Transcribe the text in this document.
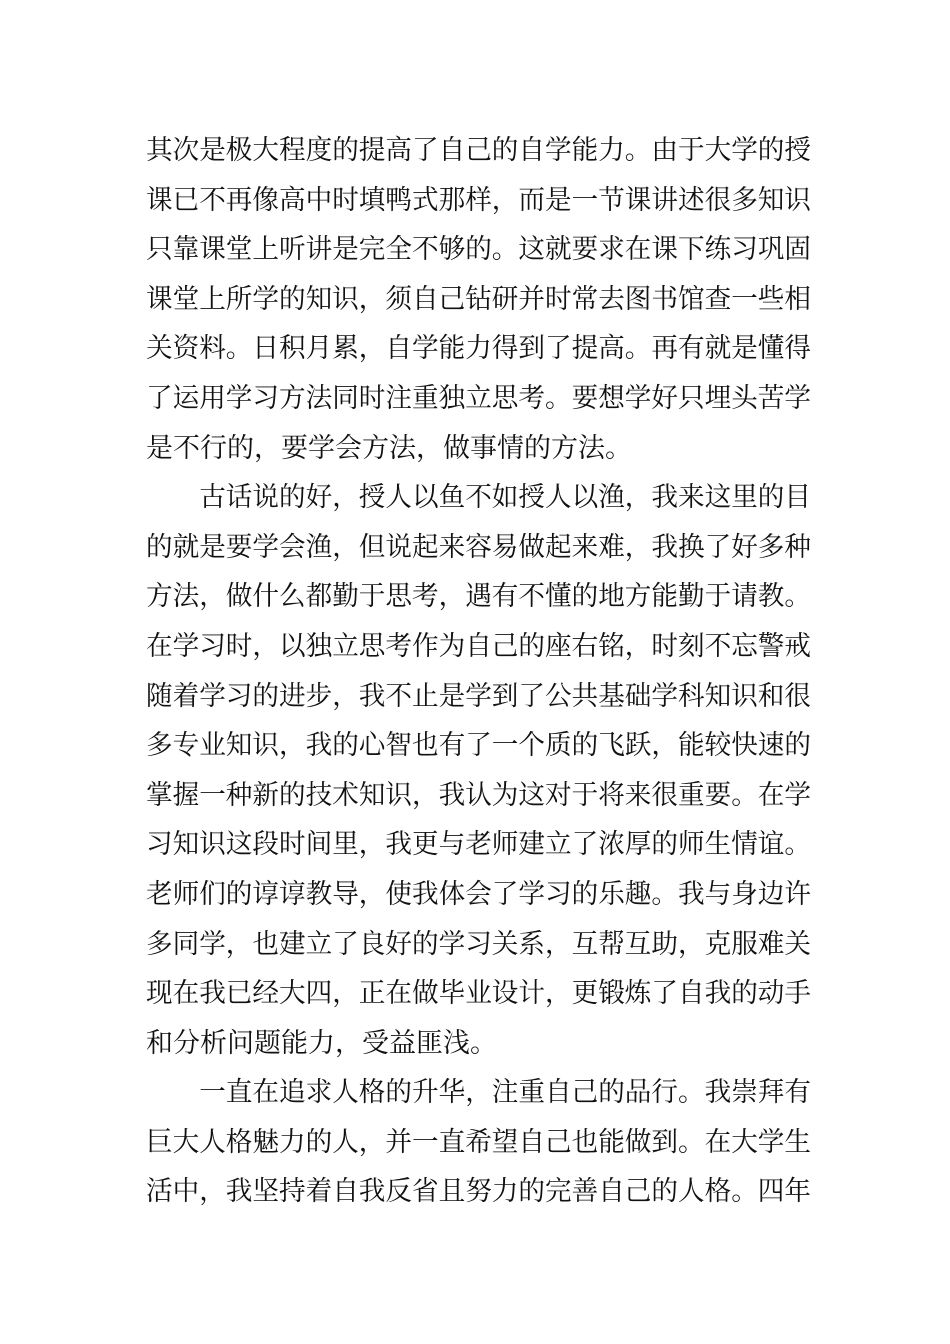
其次是极大程度的提高了自己的自学能力。由于大学的授
课已不再像高中时填鸭式那样，而是一节课讲述很多知识
只靠课堂上听讲是完全不够的。这就要求在课下练习巩固
课堂上所学的知识，须自己钻研并时常去图书馆查一些相
关资料。日积月累，自学能力得到了提高。再有就是懂得
了运用学习方法同时注重独立思考。要想学好只埋头苦学
是不行的，要学会方法，做事情的方法。
古话说的好，授人以鱼不如授人以渔，我来这里的目
的就是要学会渔，但说起来容易做起来难，我换了好多种
方法，做什么都勤于思考，遇有不懂的地方能勤于请教。
在学习时，以独立思考作为自己的座右铭，时刻不忘警戒
随着学习的进步，我不止是学到了公共基础学科知识和很
多专业知识，我的心智也有了一个质的飞跃，能较快速的
掌握一种新的技术知识，我认为这对于将来很重要。在学
习知识这段时间里，我更与老师建立了浓厚的师生情谊。
老师们的谆谆教导，使我体会了学习的乐趣。我与身边许
多同学，也建立了良好的学习关系，互帮互助，克服难关
现在我已经大四，正在做毕业设计，更锻炼了自我的动手
和分析问题能力，受益匪浅。
一直在追求人格的升华，注重自己的品行。我崇拜有
巨大人格魅力的人，并一直希望自己也能做到。在大学生
活中，我坚持着自我反省且努力的完善自己的人格。四年
